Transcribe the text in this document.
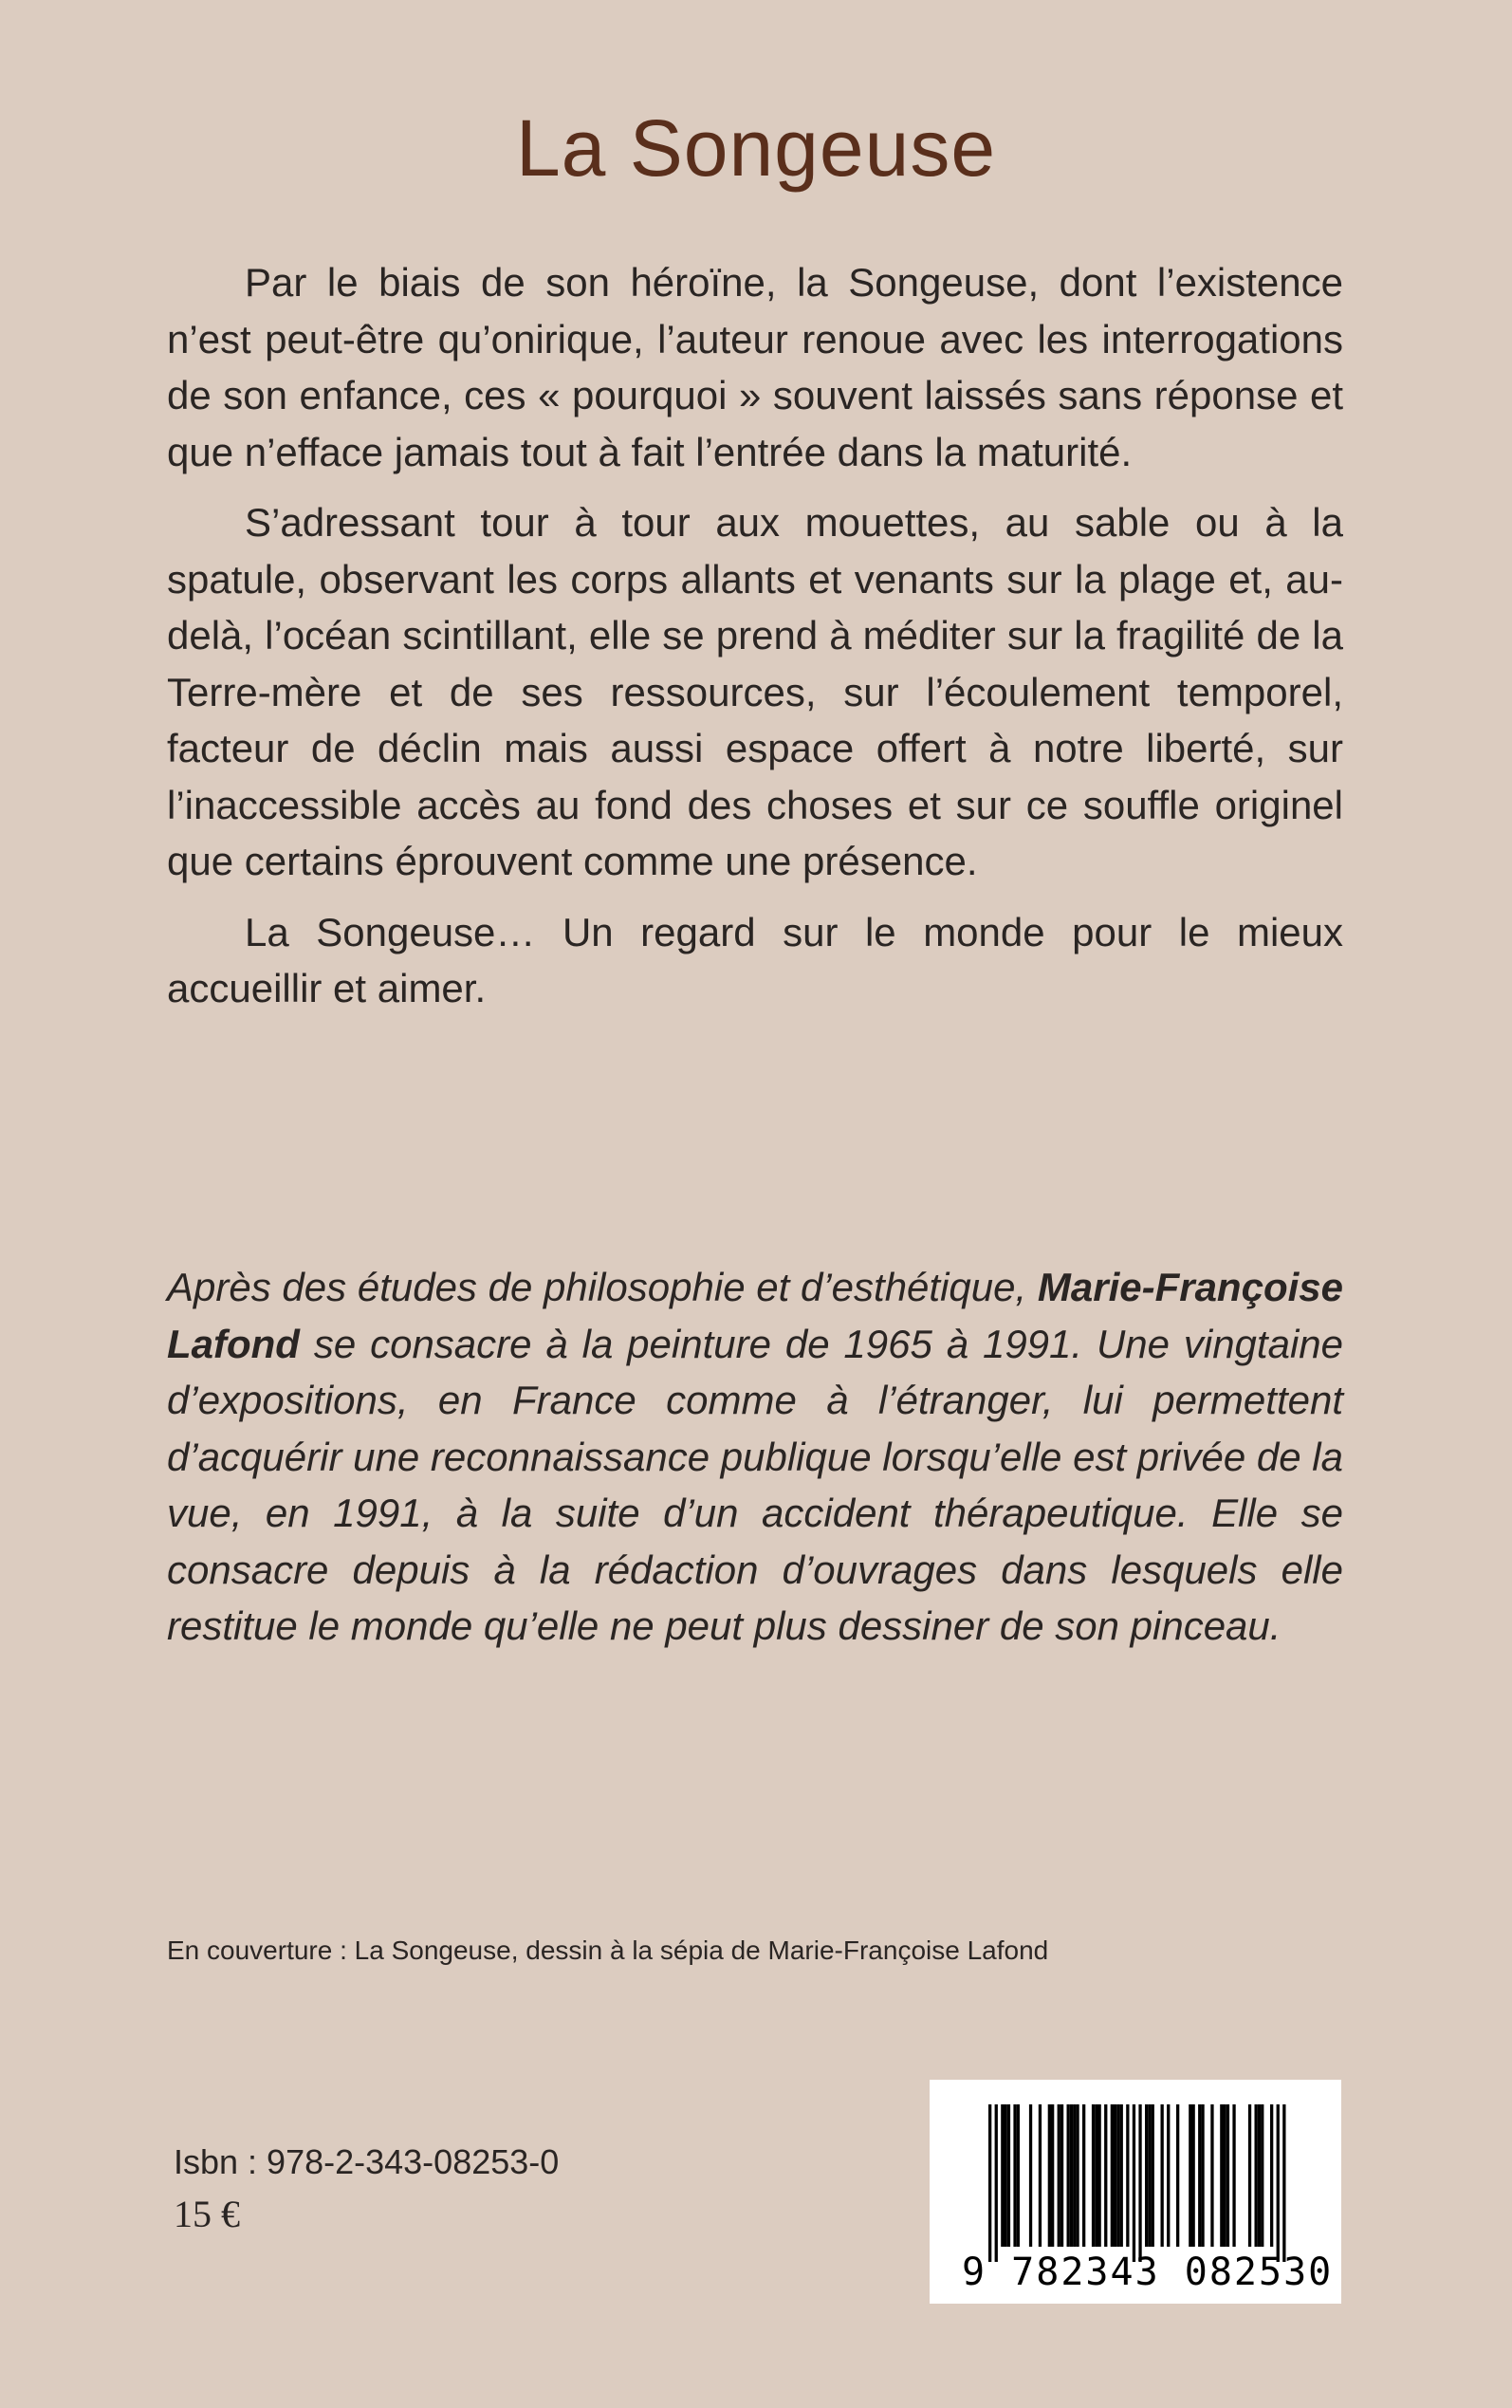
La Songeuse

Par le biais de son héroïne, la Songeuse, dont l’existence n’est peut-être qu’onirique, l’auteur renoue avec les interrogations de son enfance, ces « pourquoi » souvent laissés sans réponse et que n’efface jamais tout à fait l’entrée dans la maturité.

S’adressant tour à tour aux mouettes, au sable ou à la spatule, observant les corps allants et venants sur la plage et, au-delà, l’océan scintillant, elle se prend à méditer sur la fragilité de la Terre-mère et de ses ressources, sur l’écoulement temporel, facteur de déclin mais aussi espace offert à notre liberté, sur l’inaccessible accès au fond des choses et sur ce souffle originel que certains éprouvent comme une présence.

La Songeuse… Un regard sur le monde pour le mieux accueillir et aimer.

Après des études de philosophie et d’esthétique, Marie-Françoise Lafond se consacre à la peinture de 1965 à 1991. Une vingtaine d’expositions, en France comme à l’étranger, lui permettent d’acquérir une reconnaissance publique lorsqu’elle est privée de la vue, en 1991, à la suite d’un accident thérapeutique. Elle se consacre depuis à la rédaction d’ouvrages dans lesquels elle restitue le monde qu’elle ne peut plus dessiner de son pinceau.

En couverture : La Songeuse, dessin à la sépia de Marie-Françoise Lafond

Isbn : 978-2-343-08253-0

15 €

9 782343 082530
